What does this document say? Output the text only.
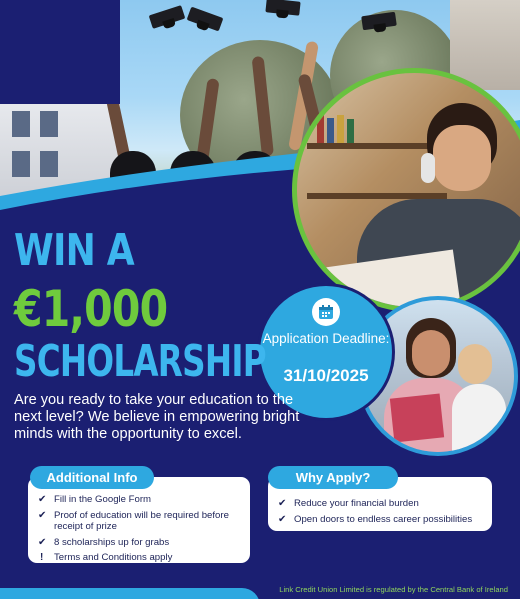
Application Deadline:
31/10/2025
WIN A
€1,000
SCHOLARSHIP
Are you ready to take your education to the next level? We believe in empowering bright minds with the opportunity to excel.
✔ Fill in the Google Form
✔ Proof of education will be required before receipt of prize
✔ 8 scholarships up for grabs
! Terms and Conditions apply
Additional Info
✔ Reduce your financial burden
✔ Open doors to endless career possibilities
Why Apply?
Link Credit Union Limited is regulated by the Central Bank of Ireland
